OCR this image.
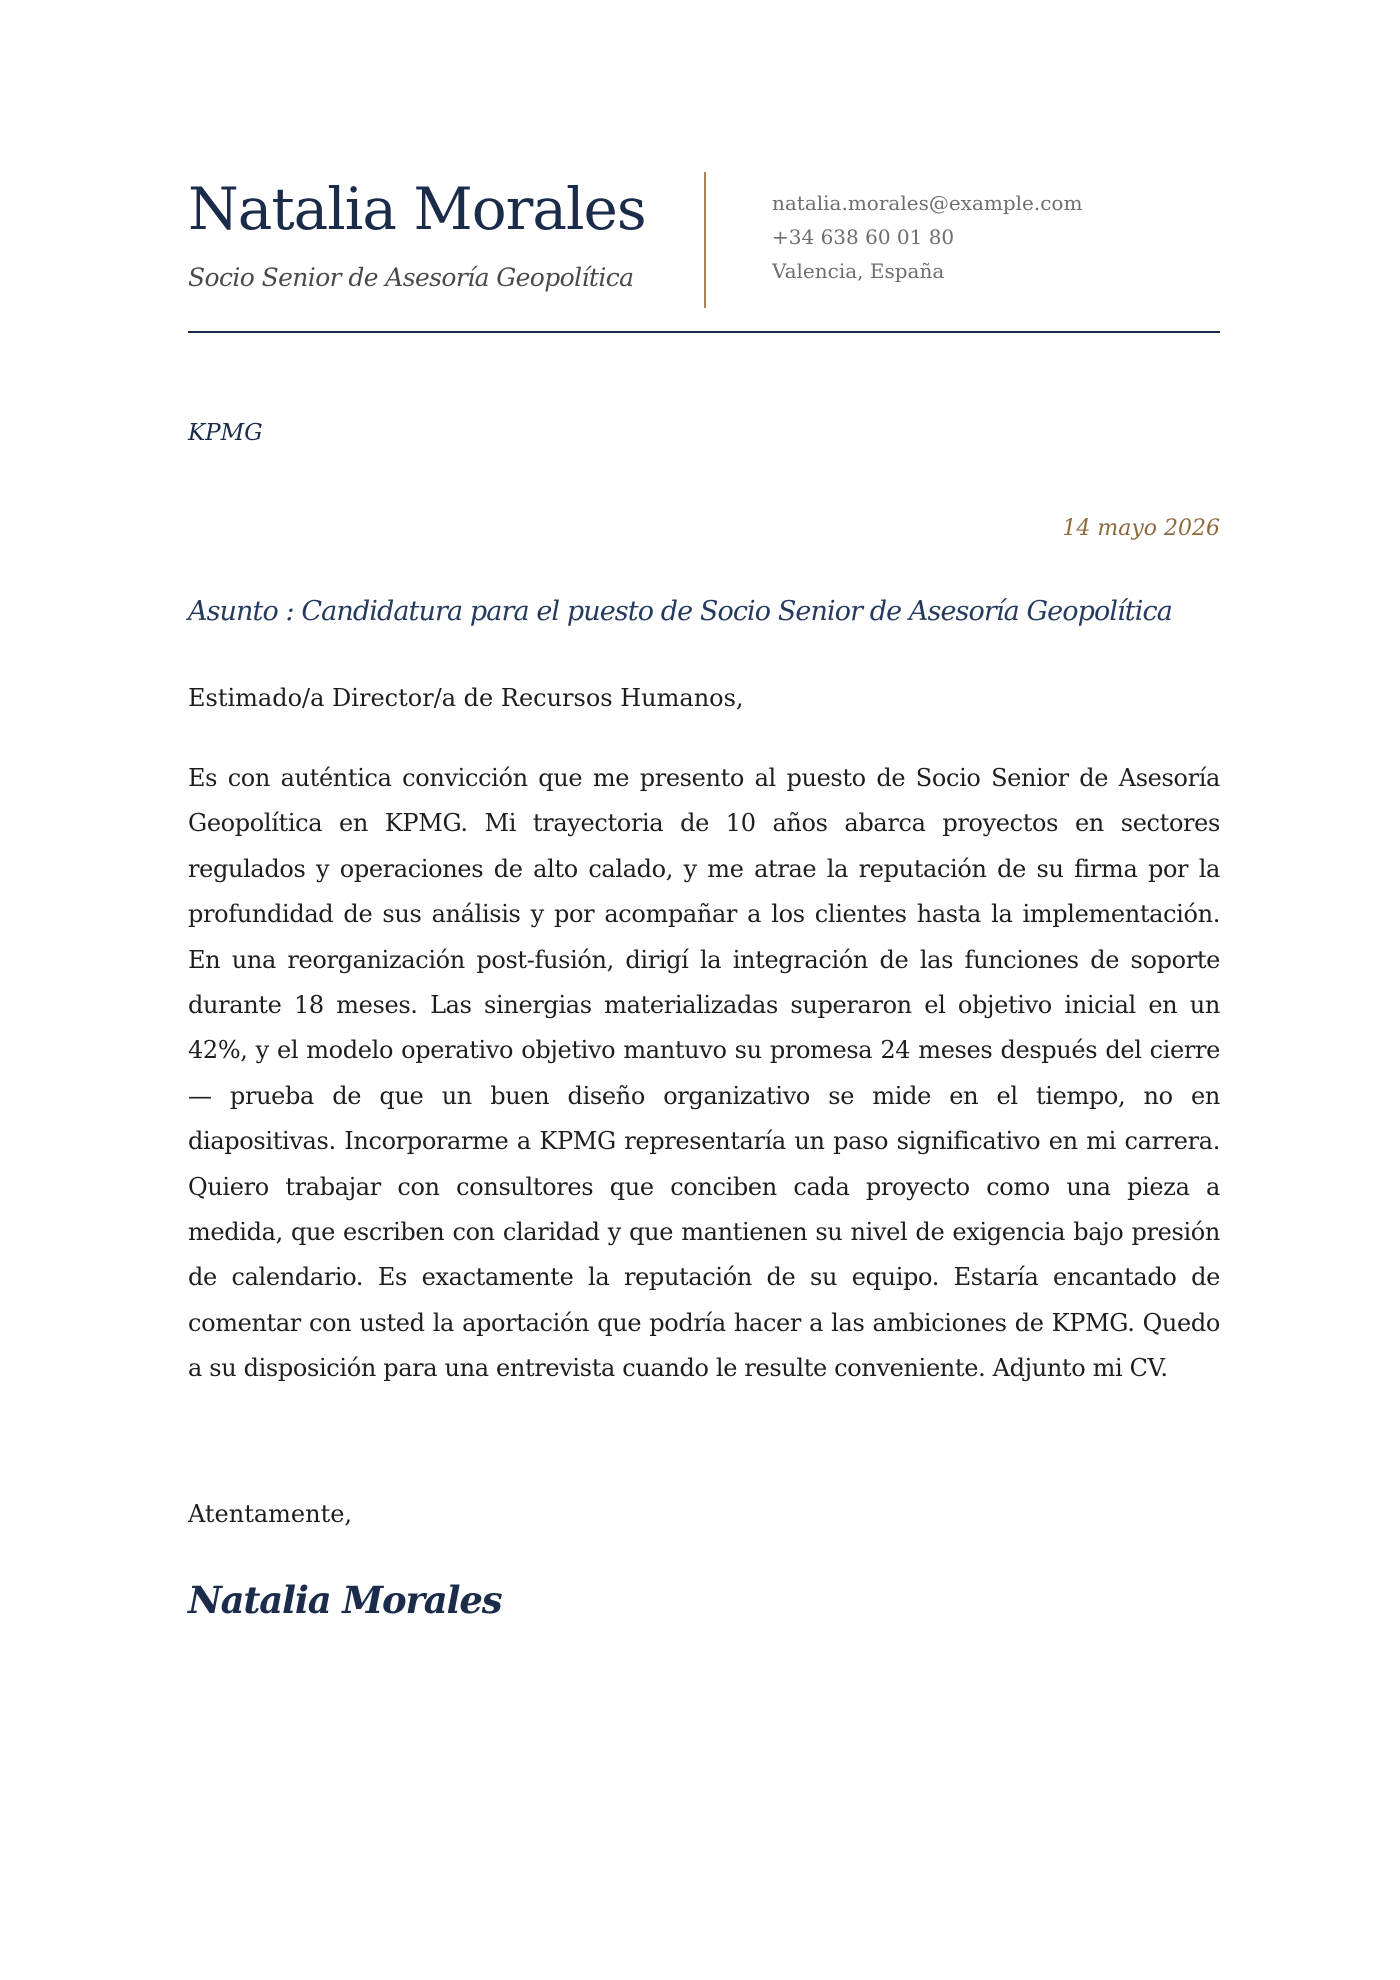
Natalia Morales
Socio Senior de Asesoría Geopolítica
natalia.morales@example.com
+34 638 60 01 80
Valencia, España
KPMG
14 mayo 2026
Asunto : Candidatura para el puesto de Socio Senior de Asesoría Geopolítica
Estimado/a Director/a de Recursos Humanos,

Es con auténtica convicción que me presento al puesto de Socio Senior de Asesoría Geopolítica en KPMG. Mi trayectoria de 10 años abarca proyectos en sectores regulados y operaciones de alto calado, y me atrae la reputación de su firma por la profundidad de sus análisis y por acompañar a los clientes hasta la implementación. En una reorganización post-fusión, dirigí la integración de las funciones de soporte durante 18 meses. Las sinergias materializadas superaron el objetivo inicial en un 42%, y el modelo operativo objetivo mantuvo su promesa 24 meses después del cierre — prueba de que un buen diseño organizativo se mide en el tiempo, no en diapositivas. Incorporarme a KPMG representaría un paso significativo en mi carrera. Quiero trabajar con consultores que conciben cada proyecto como una pieza a medida, que escriben con claridad y que mantienen su nivel de exigencia bajo presión de calendario. Es exactamente la reputación de su equipo. Estaría encantado de comentar con usted la aportación que podría hacer a las ambiciones de KPMG. Quedo a su disposición para una entrevista cuando le resulte conveniente. Adjunto mi CV.

Atentamente,
Natalia Morales
